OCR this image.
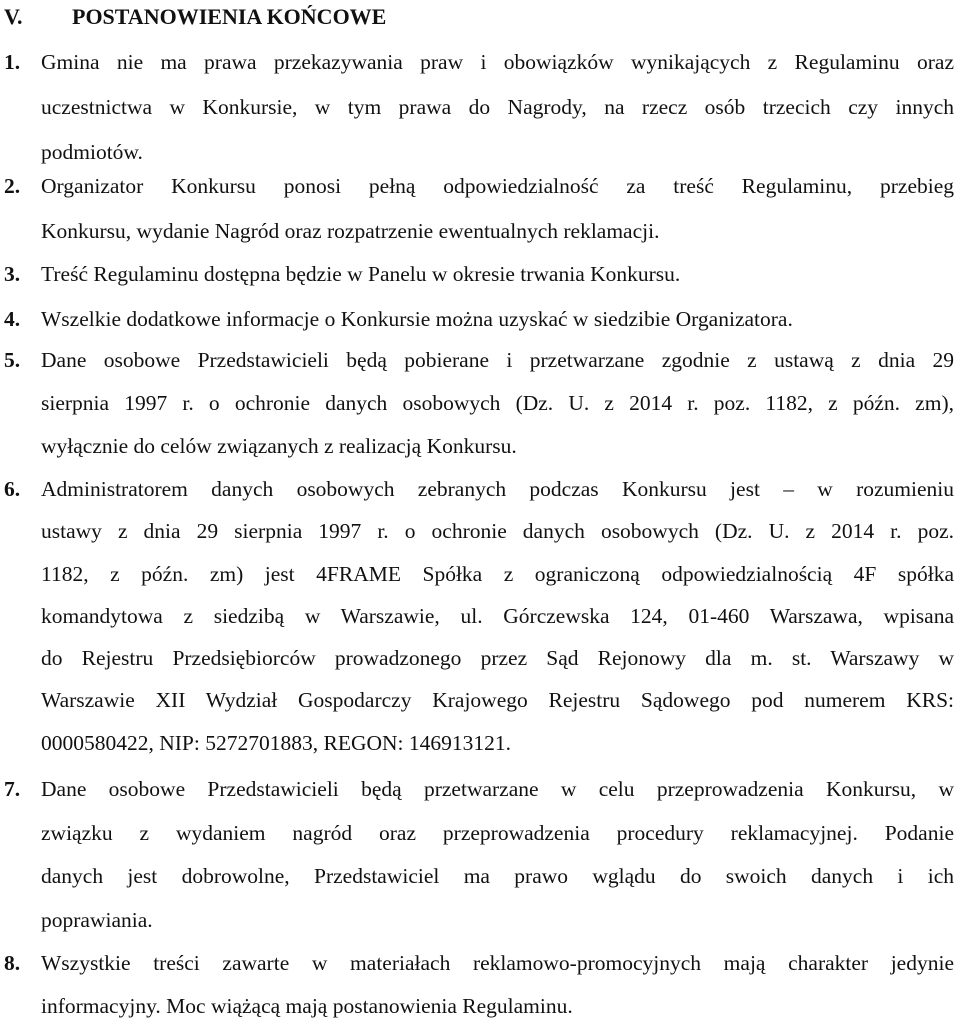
V. POSTANOWIENIA KOŃCOWE
1. Gmina nie ma prawa przekazywania praw i obowiązków wynikających z Regulaminu oraz
uczestnictwa w Konkursie, w tym prawa do Nagrody, na rzecz osób trzecich czy innych
podmiotów.
2. Organizator Konkursu ponosi pełną odpowiedzialność za treść Regulaminu, przebieg
Konkursu, wydanie Nagród oraz rozpatrzenie ewentualnych reklamacji.
3. Treść Regulaminu dostępna będzie w Panelu w okresie trwania Konkursu.
4. Wszelkie dodatkowe informacje o Konkursie można uzyskać w siedzibie Organizatora.
5. Dane osobowe Przedstawicieli będą pobierane i przetwarzane zgodnie z ustawą z dnia 29
sierpnia 1997 r. o ochronie danych osobowych (Dz. U. z 2014 r. poz. 1182, z późn. zm),
wyłącznie do celów związanych z realizacją Konkursu.
6. Administratorem danych osobowych zebranych podczas Konkursu jest – w rozumieniu
ustawy z dnia 29 sierpnia 1997 r. o ochronie danych osobowych (Dz. U. z 2014 r. poz.
1182, z późn. zm) jest 4FRAME Spółka z ograniczoną odpowiedzialnością 4F spółka
komandytowa z siedzibą w Warszawie, ul. Górczewska 124, 01-460 Warszawa, wpisana
do Rejestru Przedsiębiorców prowadzonego przez Sąd Rejonowy dla m. st. Warszawy w
Warszawie XII Wydział Gospodarczy Krajowego Rejestru Sądowego pod numerem KRS:
0000580422, NIP: 5272701883, REGON: 146913121.
7. Dane osobowe Przedstawicieli będą przetwarzane w celu przeprowadzenia Konkursu, w
związku z wydaniem nagród oraz przeprowadzenia procedury reklamacyjnej. Podanie
danych jest dobrowolne, Przedstawiciel ma prawo wglądu do swoich danych i ich
poprawiania.
8. Wszystkie treści zawarte w materiałach reklamowo-promocyjnych mają charakter jedynie
informacyjny. Moc wiążącą mają postanowienia Regulaminu.
